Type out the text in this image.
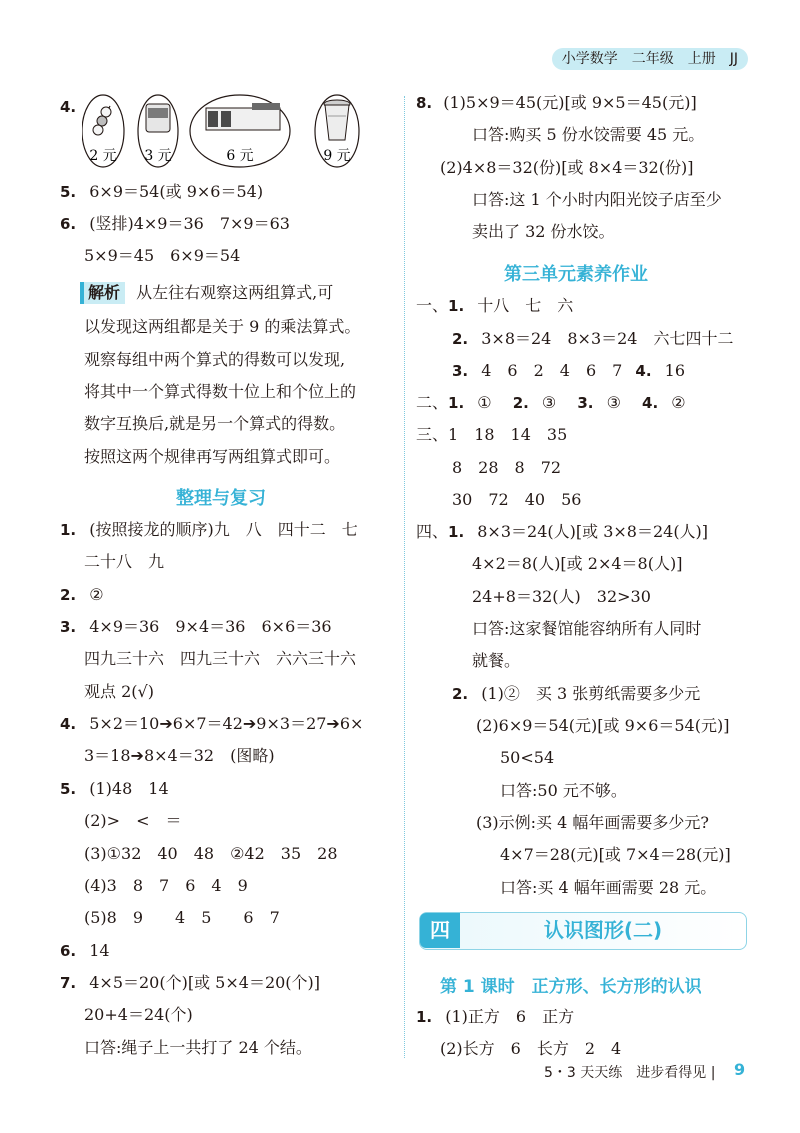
小学数学　二年级　上册　JJ
4.
2 元 3 元	6 元	9 元
5. 6×9＝54(或 9×6＝54)
6. (竖排)4×9＝36　7×9＝63
5×9＝45　6×9＝54
解析 从左往右观察这两组算式,可
以发现这两组都是关于 9 的乘法算式。
观察每组中两个算式的得数可以发现,
将其中一个算式得数十位上和个位上的
数字互换后,就是另一个算式的得数。
按照这两个规律再写两组算式即可。
整理与复习
1. (按照接龙的顺序)九　八　四十二　七
二十八　九
2. ②
3. 4×9＝36　9×4＝36　6×6＝36
四九三十六　四九三十六　六六三十六
观点 2(√)
4. 5×2＝10➔6×7＝42➔9×3＝27➔6×
3＝18➔8×4＝32　(图略)
5. (1)48　14
(2)>　<　＝
(3)①32　40　48　②42　35　28
(4)3　8　7　6　4　9
(5)8　9　　4　5　　6　7
6. 14
7. 4×5＝20(个)[或 5×4＝20(个)]
20+4＝24(个)
口答:绳子上一共打了 24 个结。
8. (1)5×9＝45(元)[或 9×5＝45(元)]
口答:购买 5 份水饺需要 45 元。
(2)4×8＝32(份)[或 8×4＝32(份)]
口答:这 1 个小时内阳光饺子店至少
卖出了 32 份水饺。
第三单元素养作业
一、1. 十八　七　六
2. 3×8＝24　8×3＝24　六七四十二
3. 4　6　2　4　6　7 4. 16
二、1. ① 2. ③ 3. ③ 4. ②
三、1　18　14　35
8　28　8　72
30　72　40　56
四、1. 8×3＝24(人)[或 3×8＝24(人)]
4×2＝8(人)[或 2×4＝8(人)]
24+8＝32(人)　32>30
口答:这家餐馆能容纳所有人同时
就餐。
2. (1)②　买 3 张剪纸需要多少元
(2)6×9＝54(元)[或 9×6＝54(元)]
50<54
口答:50 元不够。
(3)示例:买 4 幅年画需要多少元?
4×7＝28(元)[或 7×4＝28(元)]
口答:买 4 幅年画需要 28 元。
四	认识图形(二)
第 1 课时　正方形、长方形的认识
1. (1)正方　6　正方
(2)长方　6　长方　2　4
5・3 天天练　进步看得见 | 9
